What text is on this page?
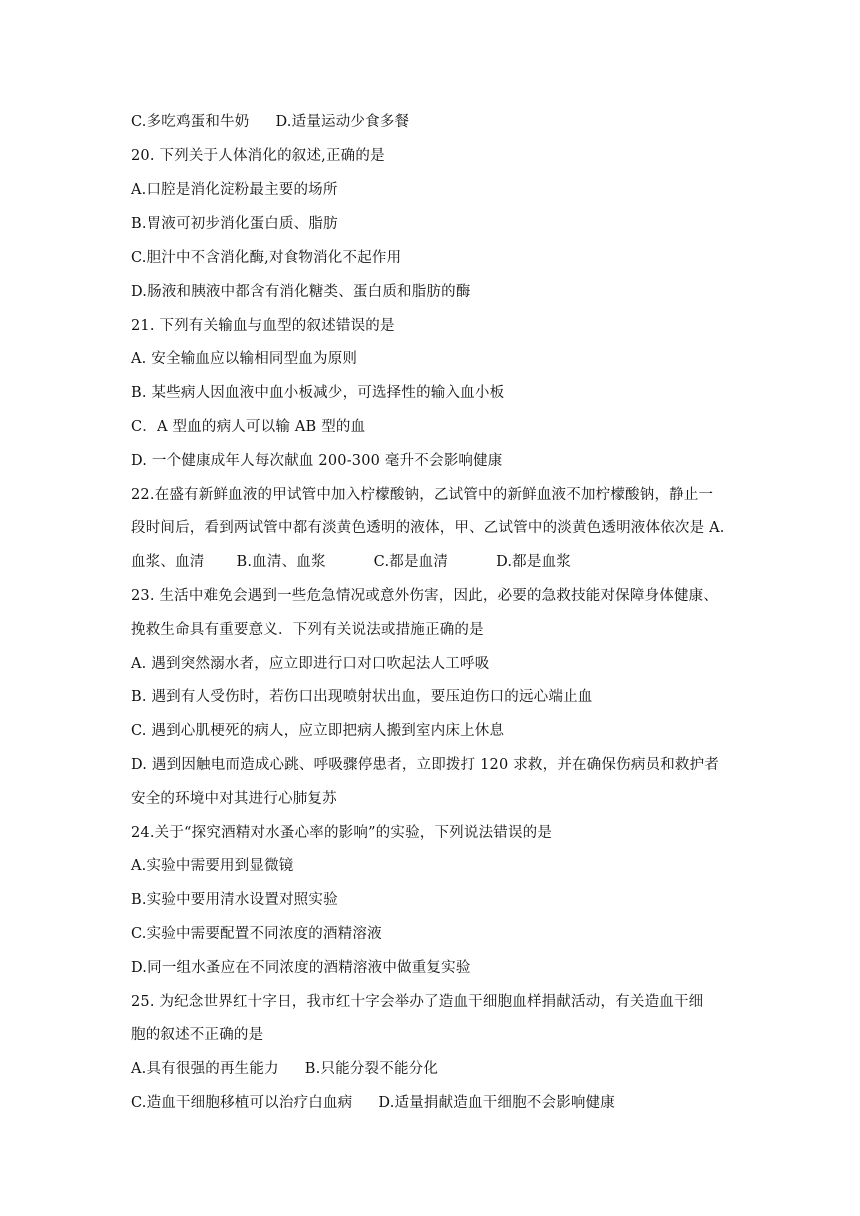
C.多吃鸡蛋和牛奶 D.适量运动少食多餐
20. 下列关于人体消化的叙述,正确的是
A.口腔是消化淀粉最主要的场所
B.胃液可初步消化蛋白质、脂肪
C.胆汁中不含消化酶,对食物消化不起作用
D.肠液和胰液中都含有消化糖类、蛋白质和脂肪的酶
21. 下列有关输血与血型的叙述错误的是
A. 安全输血应以输相同型血为原则
B. 某些病人因血液中血小板减少，可选择性的输入血小板
C．A 型血的病人可以输 AB 型的血
D. 一个健康成年人每次献血 200-300 毫升不会影响健康
22.在盛有新鲜血液的甲试管中加入柠檬酸钠，乙试管中的新鲜血液不加柠檬酸钠，静止一
段时间后，看到两试管中都有淡黄色透明的液体，甲、乙试管中的淡黄色透明液体依次是 A.
血浆、血清 B.血清、血浆	C.都是血清	D.都是血浆
23. 生活中难免会遇到一些危急情况或意外伤害，因此，必要的急救技能对保障身体健康、
挽救生命具有重要意义．下列有关说法或措施正确的是
A. 遇到突然溺水者，应立即进行口对口吹起法人工呼吸
B. 遇到有人受伤时，若伤口出现喷射状出血，要压迫伤口的远心端止血
C. 遇到心肌梗死的病人，应立即把病人搬到室内床上休息
D. 遇到因触电而造成心跳、呼吸骤停患者，立即拨打 120 求救，并在确保伤病员和救护者
安全的环境中对其进行心肺复苏
24.关于“探究酒精对水蚤心率的影响”的实验，下列说法错误的是
A.实验中需要用到显微镜
B.实验中要用清水设置对照实验
C.实验中需要配置不同浓度的酒精溶液
D.同一组水蚤应在不同浓度的酒精溶液中做重复实验
25. 为纪念世界红十字日，我市红十字会举办了造血干细胞血样捐献活动，有关造血干细
胞的叙述不正确的是
A.具有很强的再生能力 B.只能分裂不能分化
C.造血干细胞移植可以治疗白血病 D.适量捐献造血干细胞不会影响健康
